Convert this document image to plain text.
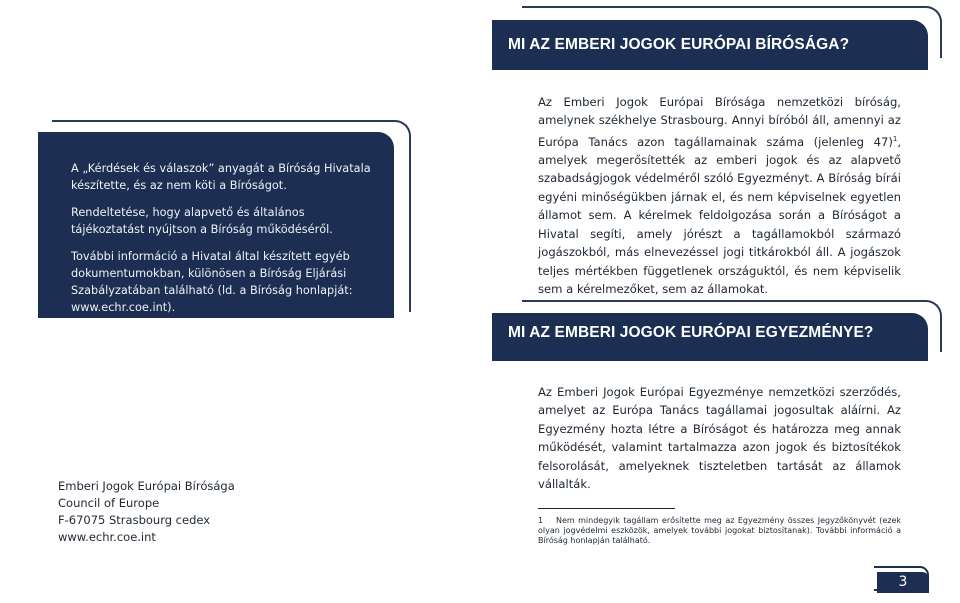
MI AZ EMBERI JOGOK EURÓPAI BÍRÓSÁGA?

Az Emberi Jogok Európai Bírósága nemzetközi bíróság, amelynek székhelye Strasbourg. Annyi bíróból áll, amennyi az Európa Tanács azon tagállamainak száma (jelenleg 47)$^1$, amelyek megerősítették az emberi jogok és az alapvető szabadságjogok védelméről szóló Egyezményt. A Bíróság bírái egyéni minőségükben járnak el, és nem képviselnek egyetlen államot sem. A kérelmek feldolgozása során a Bíróságot a Hivatal segíti, amely jórészt a tagállamokból származó jogászokból, más elnevezéssel jogi titkárokból áll. A jogászok teljes mértékben függetlenek országuktól, és nem képviselik sem a kérelmezőket, sem az államokat.

A „Kérdések és válaszok” anyagát a Bíróság Hivatala készítette, és az nem köti a Bíróságot.

Rendeltetése, hogy alapvető és általános tájékoztatást nyújtson a Bíróság működéséről.

További információ a Hivatal által készített egyéb dokumentumokban, különösen a Bíróság Eljárási Szabályzatában található (ld. a Bíróság honlapját: www.echr.coe.int).

MI AZ EMBERI JOGOK EURÓPAI EGYEZMÉNYE?

Az Emberi Jogok Európai Egyezménye nemzetközi szerződés, amelyet az Európa Tanács tagállamai jogosultak aláírni. Az Egyezmény hozta létre a Bíróságot és határozza meg annak működését, valamint tartalmazza azon jogok és biztosítékok felsorolását, amelyeknek tiszteletben tartását az államok vállalták.

Emberi Jogok Európai Bírósága
Council of Europe
F-67075 Strasbourg cedex
www.echr.coe.int
1 Nem mindegyik tagállam erősítette meg az Egyezmény összes Jegyzőkönyvét (ezek olyan jogvédelmi eszközök, amelyek további jogokat biztosítanak). További információ a Bíróság honlapján található.
3
